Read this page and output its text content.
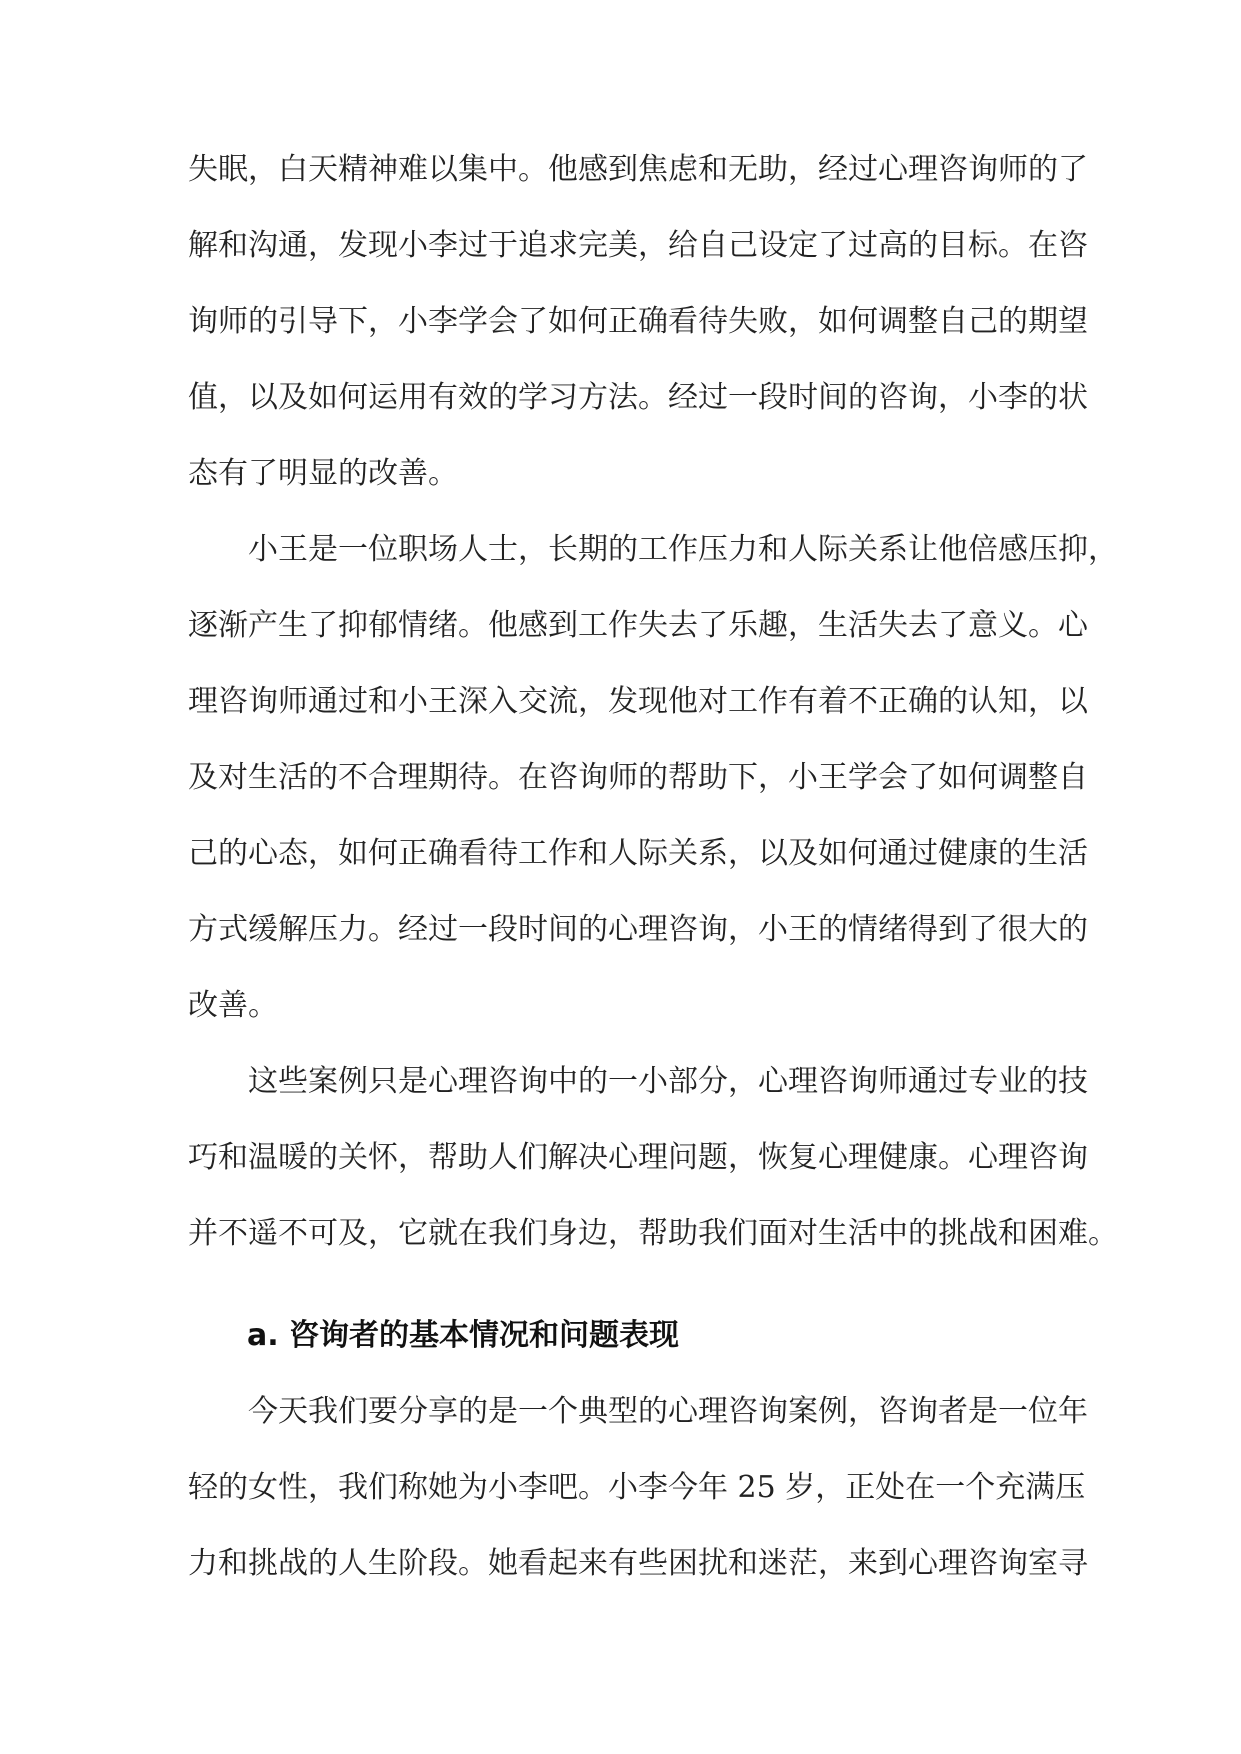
失眠，白天精神难以集中。他感到焦虑和无助，经过心理咨询师的了
解和沟通，发现小李过于追求完美，给自己设定了过高的目标。在咨
询师的引导下，小李学会了如何正确看待失败，如何调整自己的期望
值，以及如何运用有效的学习方法。经过一段时间的咨询，小李的状
态有了明显的改善。
小王是一位职场人士，长期的工作压力和人际关系让他倍感压抑，
逐渐产生了抑郁情绪。他感到工作失去了乐趣，生活失去了意义。心
理咨询师通过和小王深入交流，发现他对工作有着不正确的认知，以
及对生活的不合理期待。在咨询师的帮助下，小王学会了如何调整自
己的心态，如何正确看待工作和人际关系，以及如何通过健康的生活
方式缓解压力。经过一段时间的心理咨询，小王的情绪得到了很大的
改善。
这些案例只是心理咨询中的一小部分，心理咨询师通过专业的技
巧和温暖的关怀，帮助人们解决心理问题，恢复心理健康。心理咨询
并不遥不可及，它就在我们身边，帮助我们面对生活中的挑战和困难。
a. 咨询者的基本情况和问题表现
今天我们要分享的是一个典型的心理咨询案例，咨询者是一位年
轻的女性，我们称她为小李吧。小李今年 25 岁，正处在一个充满压
力和挑战的人生阶段。她看起来有些困扰和迷茫，来到心理咨询室寻
